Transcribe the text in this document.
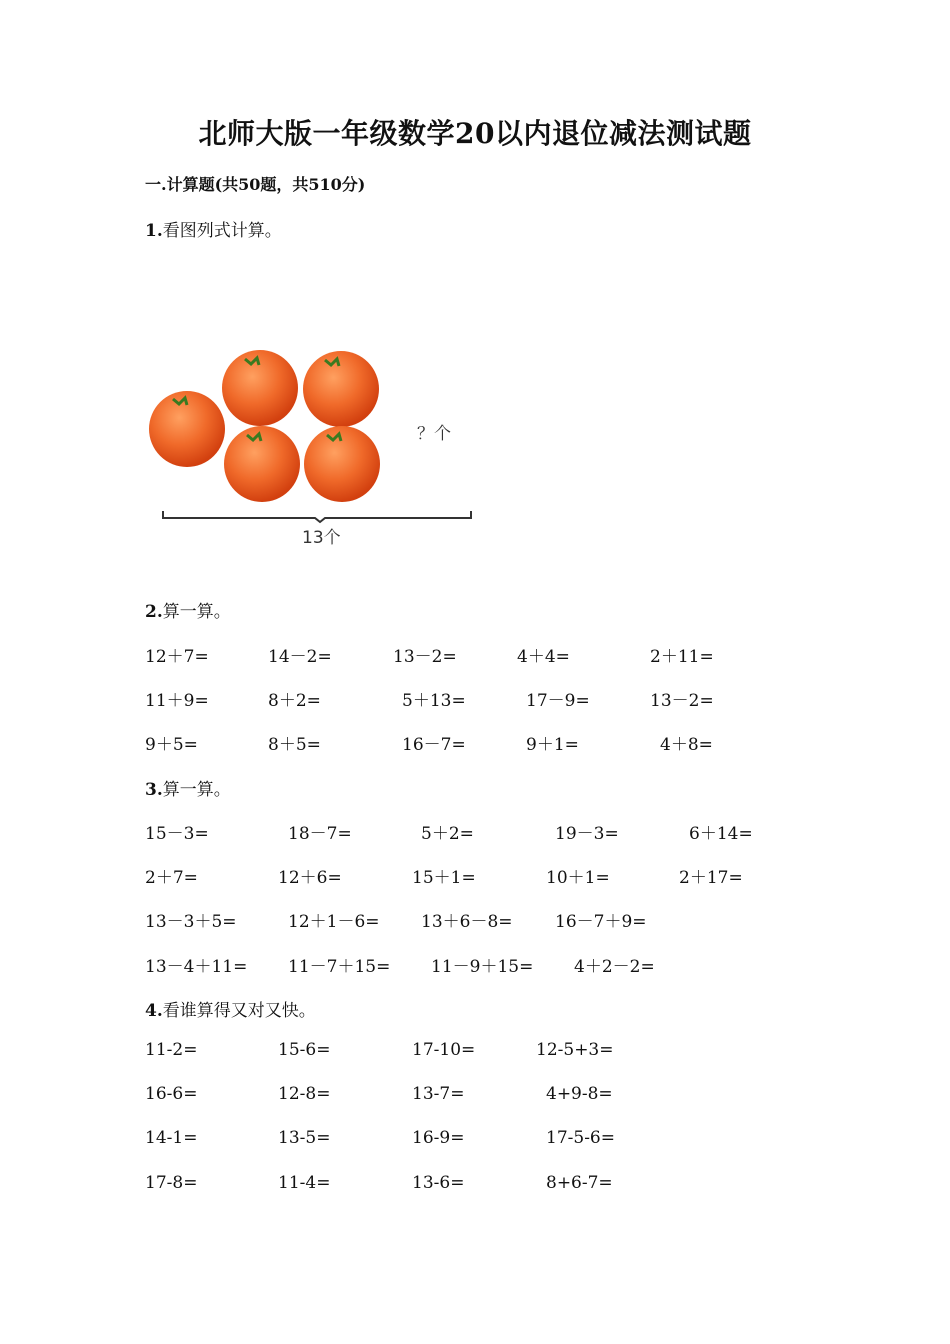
北师大版一年级数学20以内退位减法测试题
一.计算题(共50题，共510分)
1.看图列式计算。
？个
13个
2.算一算。
12＋7=	14－2=	13－2=	4＋4=	2＋11=
11＋9=	8＋2=	5＋13=	17－9=	13－2=
9＋5=	8＋5=	16－7=	9＋1=	4＋8=
3.算一算。
15－3=	18－7=	5＋2=	19－3=	6＋14=
2＋7=	12＋6=	15＋1=	10＋1=	2＋17=
13－3＋5=	12＋1－6= 13＋6－8= 16－7＋9=
13－4＋11= 11－7＋15= 11－9＋15= 4＋2－2=
4.看谁算得又对又快。
11-2=	15-6=	17-10=	12-5+3=
16-6=	12-8=	13-7=	4+9-8=
14-1=	13-5=	16-9=	17-5-6=
17-8=	11-4=	13-6=	8+6-7=
